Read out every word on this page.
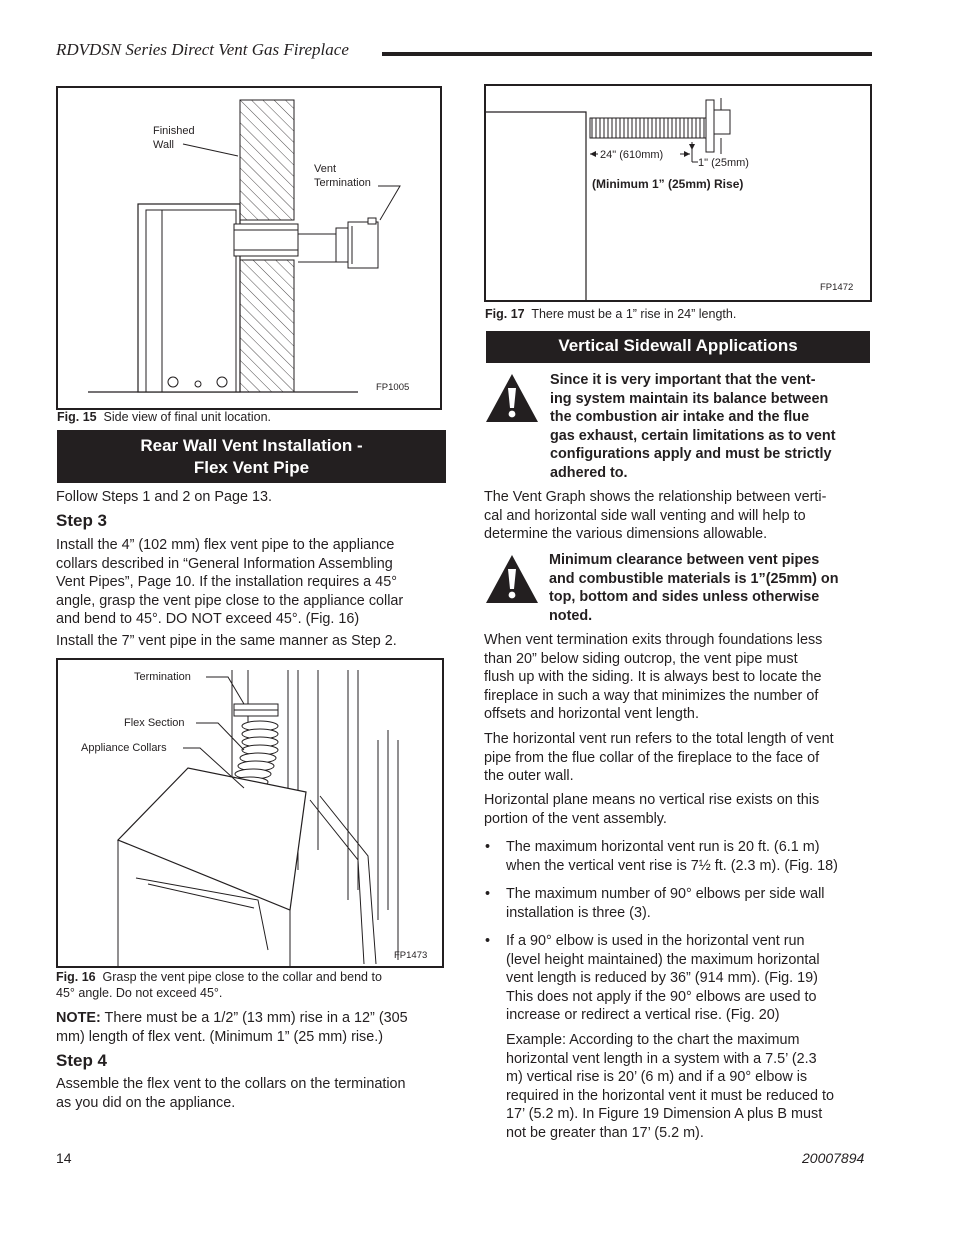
RDVDSN Series Direct Vent Gas Fireplace
Finished
Wall
Vent
Termination
FP1005
Fig. 15 Side view of final unit location.
Rear Wall Vent Installation -
Flex Vent Pipe
Follow Steps 1 and 2 on Page 13.
Step 3
Install the 4” (102 mm) flex vent pipe to the appliance
collars described in “General Information Assembling
Vent Pipes”, Page 10. If the installation requires a 45°
angle, grasp the vent pipe close to the appliance collar
and bend to 45°. DO NOT exceed 45°. (Fig. 16)
Install the 7” vent pipe in the same manner as Step 2.
Termination
Flex Section
Appliance Collars
FP1473
Fig. 16 Grasp the vent pipe close to the collar and bend to
45° angle. Do not exceed 45°.
NOTE: There must be a 1/2” (13 mm) rise in a 12” (305
mm) length of flex vent. (Minimum 1” (25 mm) rise.)
Step 4
Assemble the flex vent to the collars on the termination
as you did on the appliance.
24" (610mm)
1" (25mm)
(Minimum 1” (25mm) Rise)
FP1472
Fig. 17 There must be a 1” rise in 24” length.
Vertical Sidewall Applications
Since it is very important that the vent-
ing system maintain its balance between
the combustion air intake and the flue
gas exhaust, certain limitations as to vent
configurations apply and must be strictly
adhered to.
The Vent Graph shows the relationship between verti-
cal and horizontal side wall venting and will help to
determine the various dimensions allowable.
Minimum clearance between vent pipes
and combustible materials is 1”(25mm) on
top, bottom and sides unless otherwise
noted.
When vent termination exits through foundations less
than 20” below siding outcrop, the vent pipe must
flush up with the siding. It is always best to locate the
fireplace in such a way that minimizes the number of
offsets and horizontal vent length.
The horizontal vent run refers to the total length of vent
pipe from the flue collar of the fireplace to the face of
the outer wall.
Horizontal plane means no vertical rise exists on this
portion of the vent assembly.
• The maximum horizontal vent run is 20 ft. (6.1 m)
when the vertical vent rise is 7½ ft. (2.3 m). (Fig. 18)
• The maximum number of 90° elbows per side wall
installation is three (3).
• If a 90° elbow is used in the horizontal vent run
(level height maintained) the maximum horizontal
vent length is reduced by 36” (914 mm). (Fig. 19)
This does not apply if the 90° elbows are used to
increase or redirect a vertical rise. (Fig. 20)
Example: According to the chart the maximum
horizontal vent length in a system with a 7.5’ (2.3
m) vertical rise is 20’ (6 m) and if a 90° elbow is
required in the horizontal vent it must be reduced to
17’ (5.2 m). In Figure 19 Dimension A plus B must
not be greater than 17’ (5.2 m).
14	20007894
